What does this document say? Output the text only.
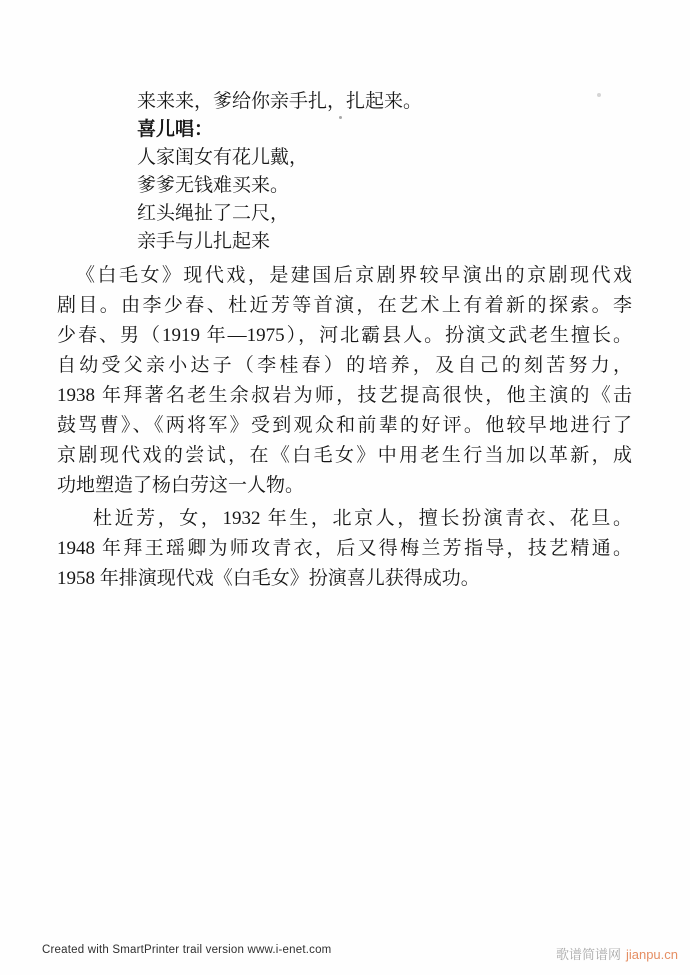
来来来，爹给你亲手扎，扎起来。
喜儿唱：
人家闺女有花儿戴，
爹爹无钱难买来。
红头绳扯了二尺，
亲手与儿扎起来
《白毛女》现代戏，是建国后京剧界较早演出的京剧现代戏
剧目。由李少春、杜近芳等首演，在艺术上有着新的探索。李
少春、男（1919 年—1975），河北霸县人。扮演文武老生擅长。
自幼受父亲小达子（李桂春）的培养，及自己的刻苦努力，
1938 年拜著名老生余叔岩为师，技艺提高很快，他主演的《击
鼓骂曹》、《两将军》受到观众和前辈的好评。他较早地进行了
京剧现代戏的尝试，在《白毛女》中用老生行当加以革新，成
功地塑造了杨白劳这一人物。
杜近芳，女，1932 年生，北京人，擅长扮演青衣、花旦。
1948 年拜王瑶卿为师攻青衣，后又得梅兰芳指导，技艺精通。
1958 年排演现代戏《白毛女》扮演喜儿获得成功。
Created with SmartPrinter trail version www.i-enet.com	歌谱简谱网 jianpu.cn
